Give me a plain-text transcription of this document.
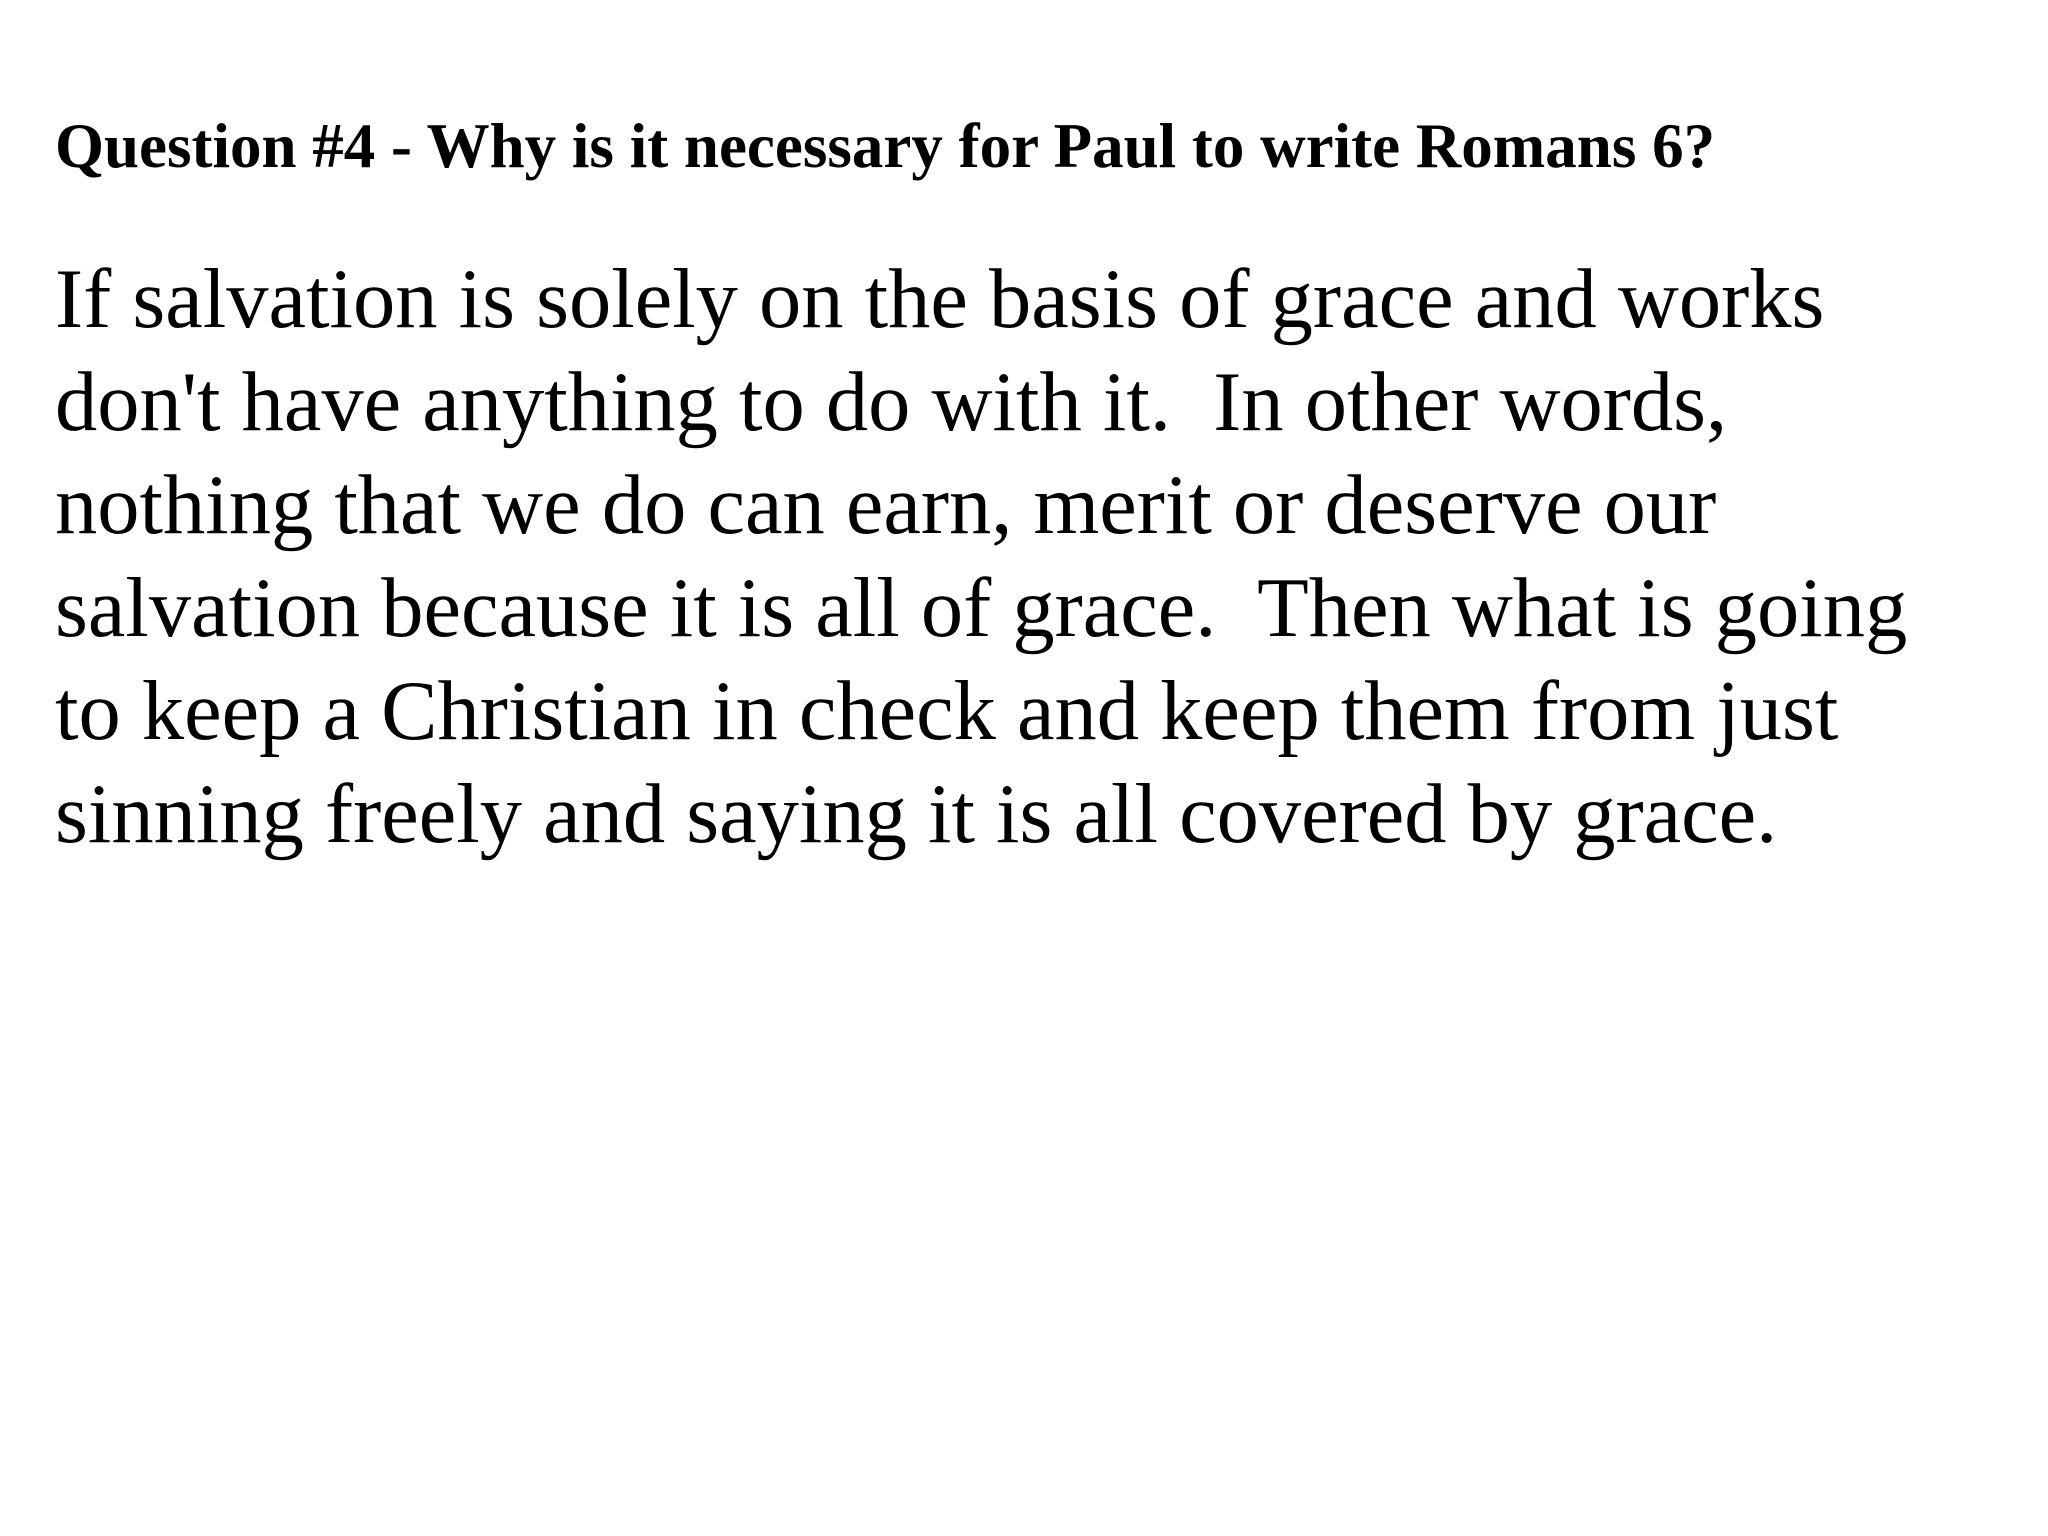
Question #4 - Why is it necessary for Paul to write Romans 6?
If salvation is solely on the basis of grace and works
don't have anything to do with it.  In other words,
nothing that we do can earn, merit or deserve our
salvation because it is all of grace.  Then what is going
to keep a Christian in check and keep them from just
sinning freely and saying it is all covered by grace.
